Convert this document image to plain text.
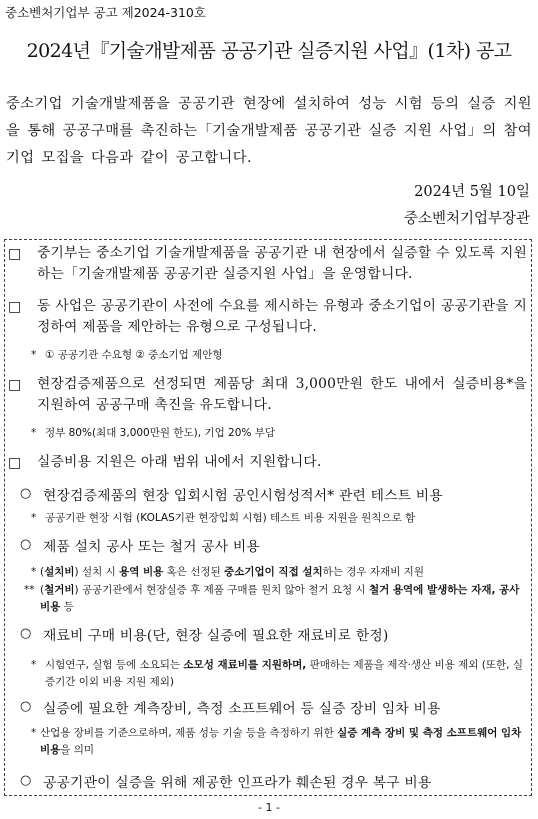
중소벤처기업부 공고 제2024-310호
2024년『기술개발제품 공공기관 실증지원 사업』(1차) 공고
중소기업 기술개발제품을 공공기관 현장에 설치하여 성능 시험 등의 실증 지원을 통해 공공구매를 촉진하는「기술개발제품 공공기관 실증 지원 사업」의 참여기업 모집을 다음과 같이 공고합니다.
2024년 5월 10일
중소벤처기업부장관
□ 중기부는 중소기업 기술개발제품을 공공기관 내 현장에서 실증할 수 있도록 지원하는「기술개발제품 공공기관 실증지원 사업」을 운영합니다.
□ 동 사업은 공공기관이 사전에 수요를 제시하는 유형과 중소기업이 공공기관을 지정하여 제품을 제안하는 유형으로 구성됩니다.
* ① 공공기관 수요형 ② 중소기업 제안형
□ 현장검증제품으로 선정되면 제품당 최대 3,000만원 한도 내에서 실증비용*을 지원하여 공공구매 촉진을 유도합니다.
* 정부 80%(최대 3,000만원 한도), 기업 20% 부담
□ 실증비용 지원은 아래 범위 내에서 지원합니다.
○ 현장검증제품의 현장 입회시험 공인시험성적서* 관련 테스트 비용
* 공공기관 현장 시험 (KOLAS기관 현장입회 시험) 테스트 비용 지원을 원칙으로 함
○ 제품 설치 공사 또는 철거 공사 비용
* (설치비) 설치 시 용역 비용 혹은 선정된 중소기업이 직접 설치하는 경우 자재비 지원
** (철거비) 공공기관에서 현장실증 후 제품 구매를 원치 않아 철거 요청 시 철거 용역에 발생하는 자재, 공사비용 등
○ 재료비 구매 비용(단, 현장 실증에 필요한 재료비로 한정)
* 시험연구, 실험 등에 소요되는 소모성 재료비를 지원하며, 판매하는 제품을 제작·생산 비용 제외 (또한, 실증기간 이외 비용 지원 제외)
○ 실증에 필요한 계측장비, 측정 소프트웨어 등 실증 장비 임차 비용
* 산업용 장비를 기준으로하며, 제품 성능 기술 등을 측정하기 위한 실증 계측 장비 및 측정 소프트웨어 임차 비용을 의미
○ 공공기관이 실증을 위해 제공한 인프라가 훼손된 경우 복구 비용
- 1 -
